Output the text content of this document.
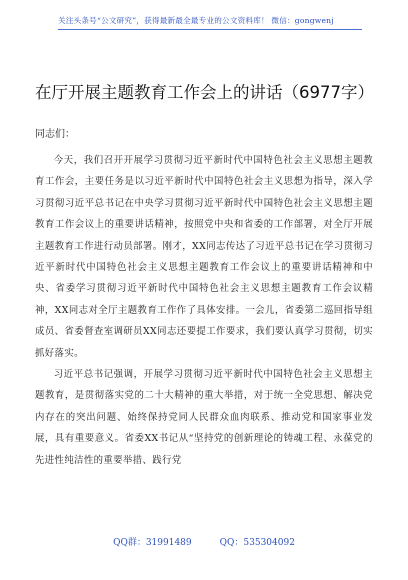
关注头条号“公文研究”，获得最新最全最专业的公文资料库！ 微信：gongwenj
在厅开展主题教育工作会上的讲话（6977字）
同志们：

今天，我们召开开展学习贯彻习近平新时代中国特色社会主义思想主题教育工作会，主要任务是以习近平新时代中国特色社会主义思想为指导，深入学习贯彻习近平总书记在中央学习贯彻习近平新时代中国特色社会主义思想主题教育工作会议上的重要讲话精神，按照党中央和省委的工作部署，对全厅开展主题教育工作进行动员部署。刚才，XX同志传达了习近平总书记在学习贯彻习近平新时代中国特色社会主义思想主题教育工作会议上的重要讲话精神和中央、省委学习贯彻习近平新时代中国特色社会主义思想主题教育工作会议精神，XX同志对全厅主题教育工作作了具体安排。一会儿，省委第二巡回指导组成员、省委督查室调研员XX同志还要提工作要求，我们要认真学习贯彻，切实抓好落实。

习近平总书记强调，开展学习贯彻习近平新时代中国特色社会主义思想主题教育，是贯彻落实党的二十大精神的重大举措，对于统一全党思想、解决党内存在的突出问题、始终保持党同人民群众血肉联系、推动党和国家事业发展，具有重要意义。省委XX书记从“坚持党的创新理论的铸魂工程、永葆党的先进性纯洁性的重要举措、践行党

QQ群：31991489	QQ：535304092
